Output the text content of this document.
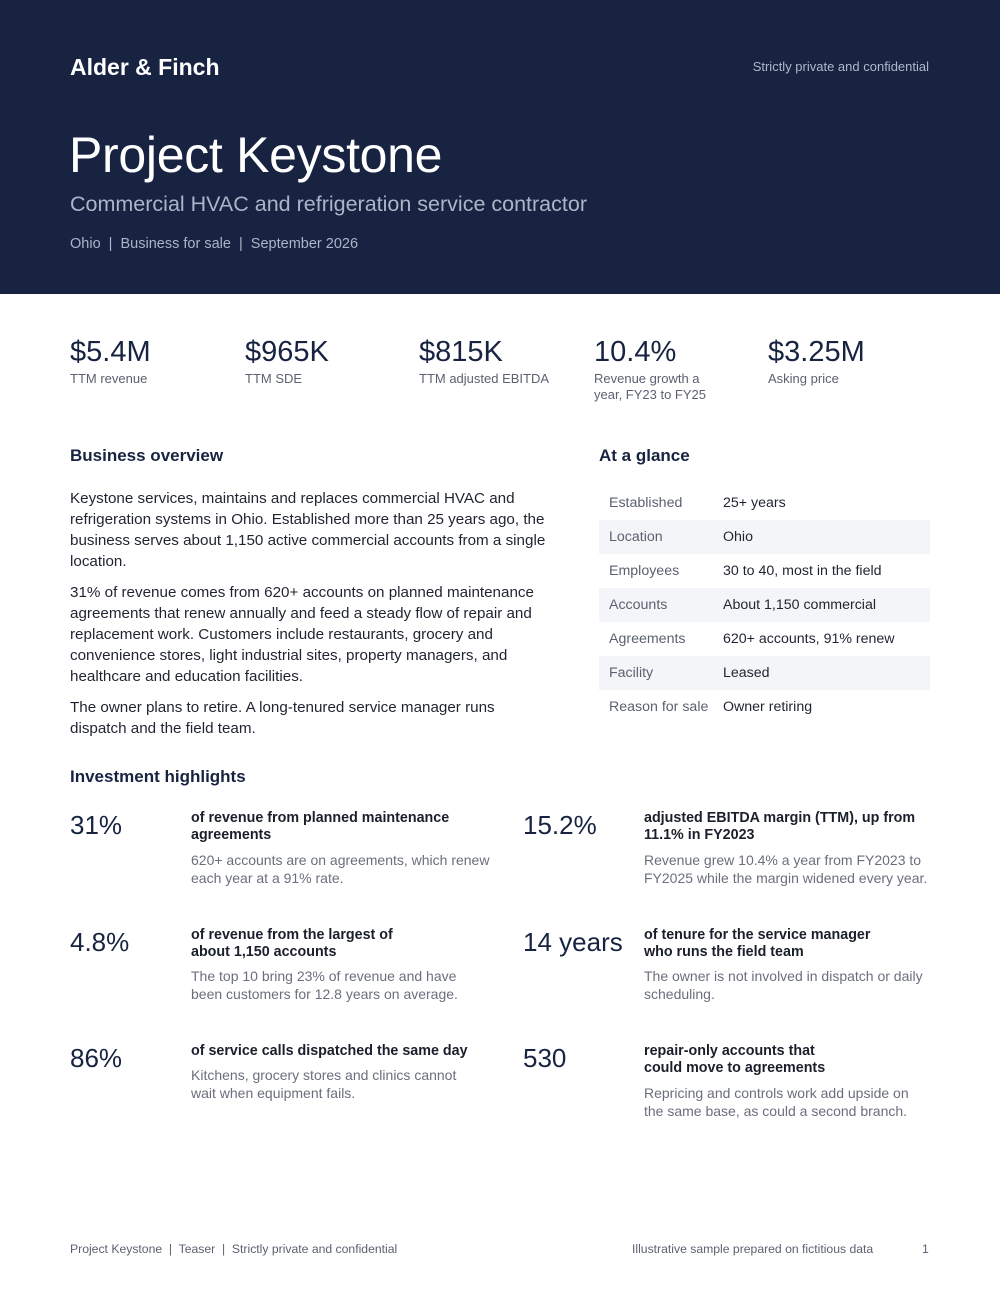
Alder & Finch	Strictly private and confidential
Project Keystone
Commercial HVAC and refrigeration service contractor
Ohio  |  Business for sale  |  September 2026
$5.4M
TTM revenue
$965K
TTM SDE
$815K
TTM adjusted EBITDA
10.4%
Revenue growth a year, FY23 to FY25
$3.25M
Asking price
Business overview

Keystone services, maintains and replaces commercial HVAC and refrigeration systems in Ohio. Established more than 25 years ago, the business serves about 1,150 active commercial accounts from a single location.

31% of revenue comes from 620+ accounts on planned maintenance agreements that renew annually and feed a steady flow of repair and replacement work. Customers include restaurants, grocery and convenience stores, light industrial sites, property managers, and healthcare and education facilities.

The owner plans to retire. A long-tenured service manager runs dispatch and the field team.

At a glance
Established	25+ years
Location	Ohio
Employees	30 to 40, most in the field
Accounts	About 1,150 commercial
Agreements	620+ accounts, 91% renew
Facility	Leased
Reason for sale	Owner retiring
Investment highlights
31%	of revenue from planned maintenance agreements
620+ accounts are on agreements, which renew each year at a 91% rate.
15.2%	adjusted EBITDA margin (TTM), up from 11.1% in FY2023
Revenue grew 10.4% a year from FY2023 to FY2025 while the margin widened every year.
4.8%	of revenue from the largest of about 1,150 accounts
The top 10 bring 23% of revenue and have been customers for 12.8 years on average.
14 years of tenure for the service manager who runs the field team
The owner is not involved in dispatch or daily scheduling.
86%	of service calls dispatched the same day
Kitchens, grocery stores and clinics cannot wait when equipment fails.
530	repair-only accounts that could move to agreements
Repricing and controls work add upside on the same base, as could a second branch.
Project Keystone  |  Teaser  |  Strictly private and confidential	Illustrative sample prepared on fictitious data	1
